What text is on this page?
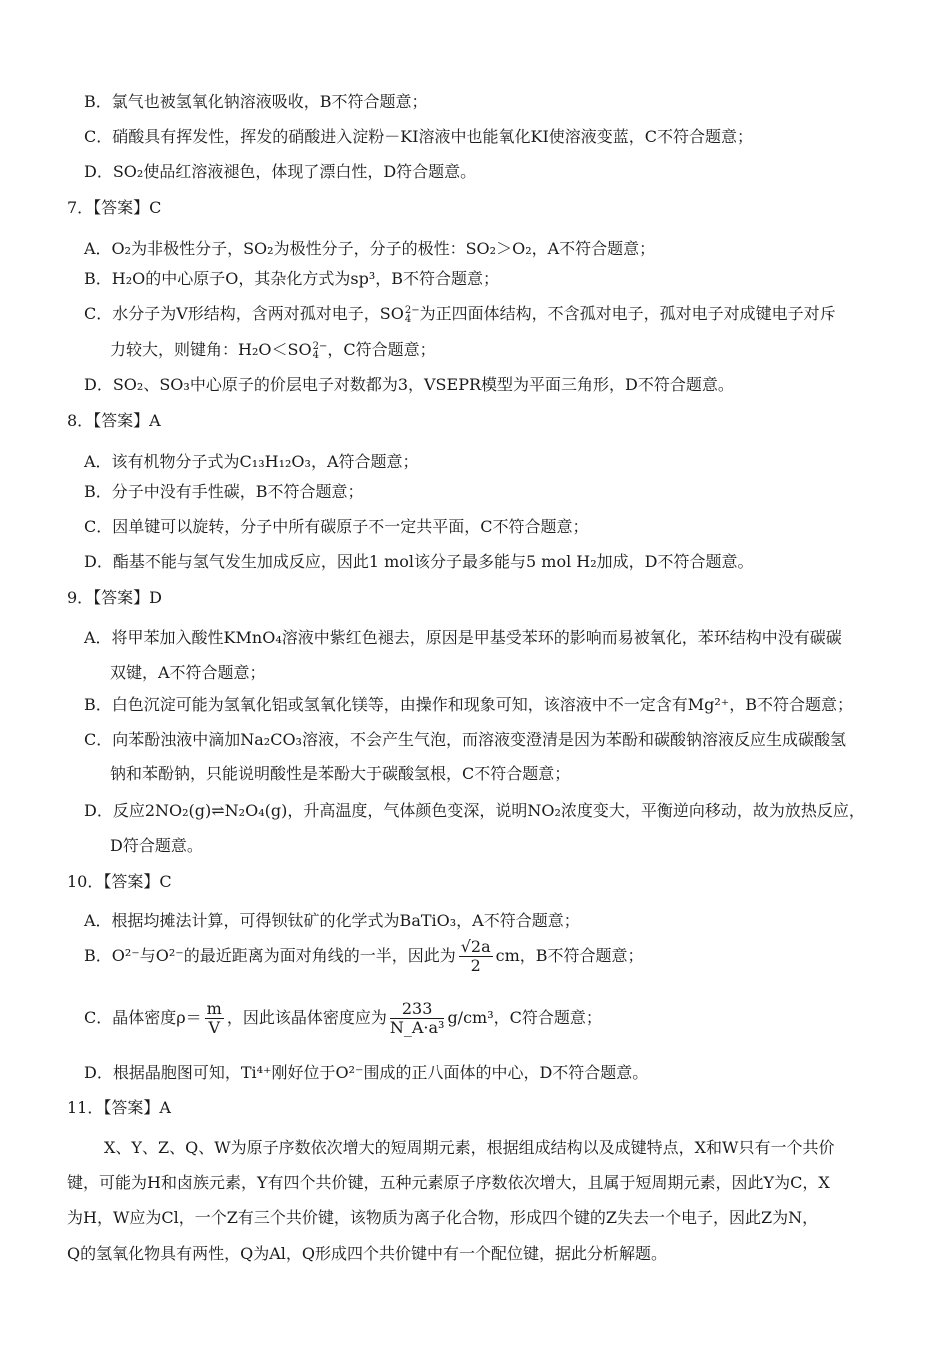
B．氯气也被氢氧化钠溶液吸收，B不符合题意；
C．硝酸具有挥发性，挥发的硝酸进入淀粉－KI溶液中也能氧化KI使溶液变蓝，C不符合题意；
D．SO₂使品红溶液褪色，体现了漂白性，D符合题意。
7．【答案】C
A．O₂为非极性分子，SO₂为极性分子，分子的极性：SO₂＞O₂，A不符合题意；
B．H₂O的中心原子O，其杂化方式为sp³，B不符合题意；
C．水分子为V形结构，含两对孤对电子，SO 2−
4 为正四面体结构，不含孤对电子，孤对电子对成键电子对斥
力较大，则键角：H₂O＜SO 2−
4 ，C符合题意；
D．SO₂、SO₃中心原子的价层电子对数都为3，VSEPR模型为平面三角形，D不符合题意。
8．【答案】A
A．该有机物分子式为C₁₃H₁₂O₃，A符合题意；
B．分子中没有手性碳，B不符合题意；
C．因单键可以旋转，分子中所有碳原子不一定共平面，C不符合题意；
D．酯基不能与氢气发生加成反应，因此1 mol该分子最多能与5 mol H₂加成，D不符合题意。
9．【答案】D
A．将甲苯加入酸性KMnO₄溶液中紫红色褪去，原因是甲基受苯环的影响而易被氧化，苯环结构中没有碳碳
双键，A不符合题意；
B．白色沉淀可能为氢氧化铝或氢氧化镁等，由操作和现象可知，该溶液中不一定含有Mg²⁺，B不符合题意；
C．向苯酚浊液中滴加Na₂CO₃溶液，不会产生气泡，而溶液变澄清是因为苯酚和碳酸钠溶液反应生成碳酸氢
钠和苯酚钠，只能说明酸性是苯酚大于碳酸氢根，C不符合题意；
D．反应2NO₂(g)⇌N₂O₄(g)，升高温度，气体颜色变深，说明NO₂浓度变大，平衡逆向移动，故为放热反应，
D符合题意。
10．【答案】C
A．根据均摊法计算，可得钡钛矿的化学式为BaTiO₃，A不符合题意；
B．O²⁻与O²⁻的最近距离为面对角线的一半，因此为 $\frac{√2a}{2}$ cm，B不符合题意；
C．晶体密度$\rho= \frac{m}{V}$ ，因此该晶体密度应为 $\frac{233}{\text{N\_A·a³}} g/cm^3$，C符合题意；
D．根据晶胞图可知，Ti⁴⁺刚好位于O²⁻围成的正八面体的中心，D不符合题意。
11．【答案】A
X、Y、Z、Q、W为原子序数依次增大的短周期元素，根据组成结构以及成键特点，X和W只有一个共价
键，可能为H和卤族元素，Y有四个共价键，五种元素原子序数依次增大，且属于短周期元素，因此Y为C，X
为H，W应为Cl，一个Z有三个共价键，该物质为离子化合物，形成四个键的Z失去一个电子，因此Z为N，
Q的氢氧化物具有两性，Q为Al，Q形成四个共价键中有一个配位键，据此分析解题。
